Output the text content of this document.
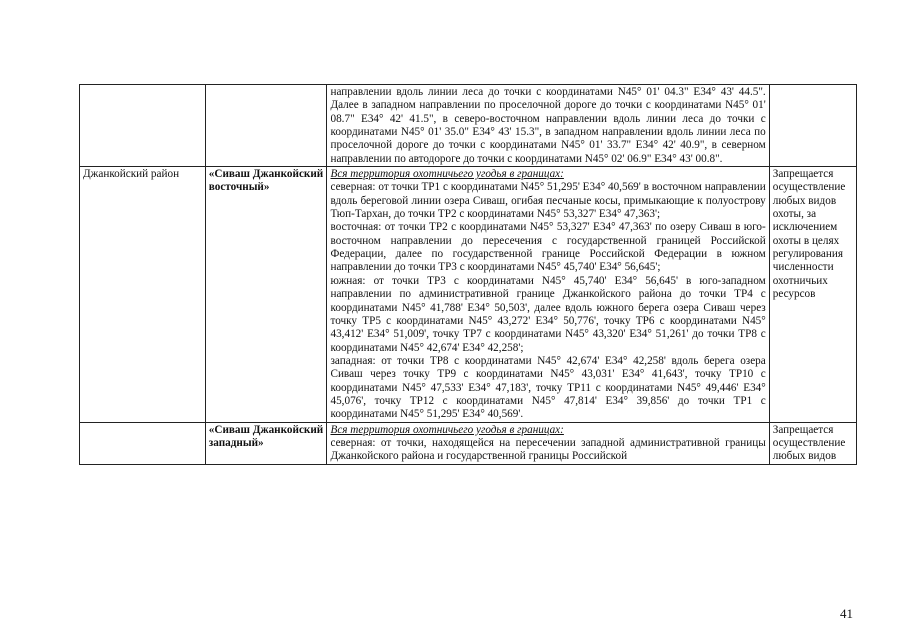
		направлении вдоль линии леса до точки с координатами N45° 01' 04.3" E34° 43' 44.5". Далее в западном направлении по проселочной дороге до точки с координатами N45° 01' 08.7" E34° 42' 41.5", в северо-восточном направлении вдоль линии леса до точки с координатами N45° 01' 35.0" E34° 43' 15.3", в западном направлении вдоль линии леса по проселочной дороге до точки с координатами N45° 01' 33.7" E34° 42' 40.9", в северном направлении по автодороге до точки с координатами N45° 02' 06.9" E34° 43' 00.8".	

Джанкойский район	«Сиваш Джанкойский восточный»	Вся территория охотничьего угодья в границах:
северная: от точки ТР1 с координатами N45° 51,295' E34° 40,569' в восточном направлении вдоль береговой линии озера Сиваш, огибая песчаные косы, примыкающие к полуострову Тюп-Тархан, до точки ТР2 с координатами N45° 53,327' E34° 47,363';
восточная: от точки ТР2 с координатами N45° 53,327' E34° 47,363' по озеру Сиваш в юго-восточном направлении до пересечения с государственной границей Российской Федерации, далее по государственной границе Российской Федерации в южном направлении до точки ТР3 с координатами N45° 45,740' E34° 56,645';
южная: от точки ТР3 с координатами N45° 45,740' E34° 56,645' в юго-западном направлении по административной границе Джанкойского района до точки ТР4 с координатами N45° 41,788' E34° 50,503', далее вдоль южного берега озера Сиваш через точку ТР5 с координатами N45° 43,272' E34° 50,776', точку ТР6 с координатами N45° 43,412' E34° 51,009', точку ТР7 с координатами N45° 43,320' E34° 51,261' до точки ТР8 с координатами N45° 42,674' E34° 42,258';
западная: от точки ТР8 с координатами N45° 42,674' E34° 42,258' вдоль берега озера Сиваш через точку ТР9 с координатами N45° 43,031' E34° 41,643', точку ТР10 с координатами N45° 47,533' E34° 47,183', точку ТР11 с координатами N45° 49,446' E34° 45,076', точку ТР12 с координатами N45° 47,814' E34° 39,856' до точки ТР1 с координатами N45° 51,295' E34° 40,569'.	Запрещается осуществление любых видов охоты, за исключением охоты в целях регулирования численности охотничьих ресурсов
	«Сиваш Джанкойский западный»	Вся территория охотничьего угодья в границах:
северная: от точки, находящейся на пересечении западной административной границы Джанкойского района и государственной границы Российской	Запрещается осуществление любых видов
41
